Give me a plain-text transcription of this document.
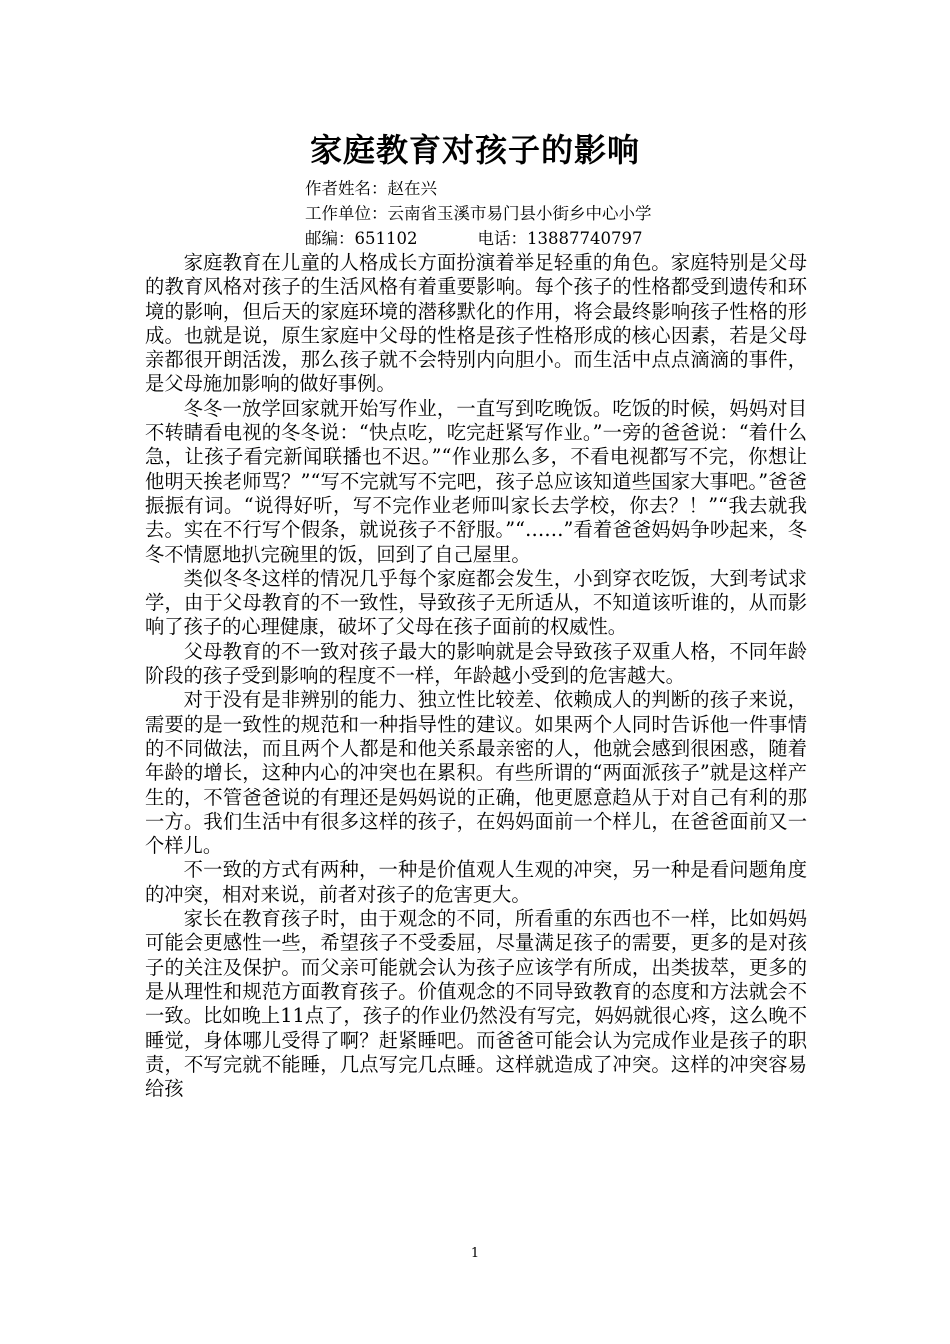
家庭教育对孩子的影响
作者姓名：赵在兴
工作单位：云南省玉溪市易门县小街乡中心小学
邮编：651102	电话：13887740797

家庭教育在儿童的人格成长方面扮演着举足轻重的角色。家庭特别是父母的教育风格对孩子的生活风格有着重要影响。每个孩子的性格都受到遗传和环境的影响，但后天的家庭环境的潜移默化的作用，将会最终影响孩子性格的形成。也就是说，原生家庭中父母的性格是孩子性格形成的核心因素，若是父母亲都很开朗活泼，那么孩子就不会特别内向胆小。而生活中点点滴滴的事件，是父母施加影响的做好事例。

冬冬一放学回家就开始写作业，一直写到吃晚饭。吃饭的时候，妈妈对目不转睛看电视的冬冬说：“快点吃，吃完赶紧写作业。”一旁的爸爸说：“着什么急，让孩子看完新闻联播也不迟。”“作业那么多，不看电视都写不完，你想让他明天挨老师骂？”“写不完就写不完吧，孩子总应该知道些国家大事吧。”爸爸振振有词。“说得好听，写不完作业老师叫家长去学校，你去？！”“我去就我去。实在不行写个假条，就说孩子不舒服。”“……”看着爸爸妈妈争吵起来，冬冬不情愿地扒完碗里的饭，回到了自己屋里。

类似冬冬这样的情况几乎每个家庭都会发生，小到穿衣吃饭，大到考试求学，由于父母教育的不一致性，导致孩子无所适从，不知道该听谁的，从而影响了孩子的心理健康，破坏了父母在孩子面前的权威性。

父母教育的不一致对孩子最大的影响就是会导致孩子双重人格，不同年龄阶段的孩子受到影响的程度不一样，年龄越小受到的危害越大。

对于没有是非辨别的能力、独立性比较差、依赖成人的判断的孩子来说，需要的是一致性的规范和一种指导性的建议。如果两个人同时告诉他一件事情的不同做法，而且两个人都是和他关系最亲密的人，他就会感到很困惑，随着年龄的增长，这种内心的冲突也在累积。有些所谓的“两面派孩子”就是这样产生的，不管爸爸说的有理还是妈妈说的正确，他更愿意趋从于对自己有利的那一方。我们生活中有很多这样的孩子，在妈妈面前一个样儿，在爸爸面前又一个样儿。

不一致的方式有两种，一种是价值观人生观的冲突，另一种是看问题角度的冲突，相对来说，前者对孩子的危害更大。

家长在教育孩子时，由于观念的不同，所看重的东西也不一样，比如妈妈可能会更感性一些，希望孩子不受委屈，尽量满足孩子的需要，更多的是对孩子的关注及保护。而父亲可能就会认为孩子应该学有所成，出类拔萃，更多的是从理性和规范方面教育孩子。价值观念的不同导致教育的态度和方法就会不一致。比如晚上11点了，孩子的作业仍然没有写完，妈妈就很心疼，这么晚不睡觉，身体哪儿受得了啊？赶紧睡吧。而爸爸可能会认为完成作业是孩子的职责，不写完就不能睡，几点写完几点睡。这样就造成了冲突。这样的冲突容易给孩

1
